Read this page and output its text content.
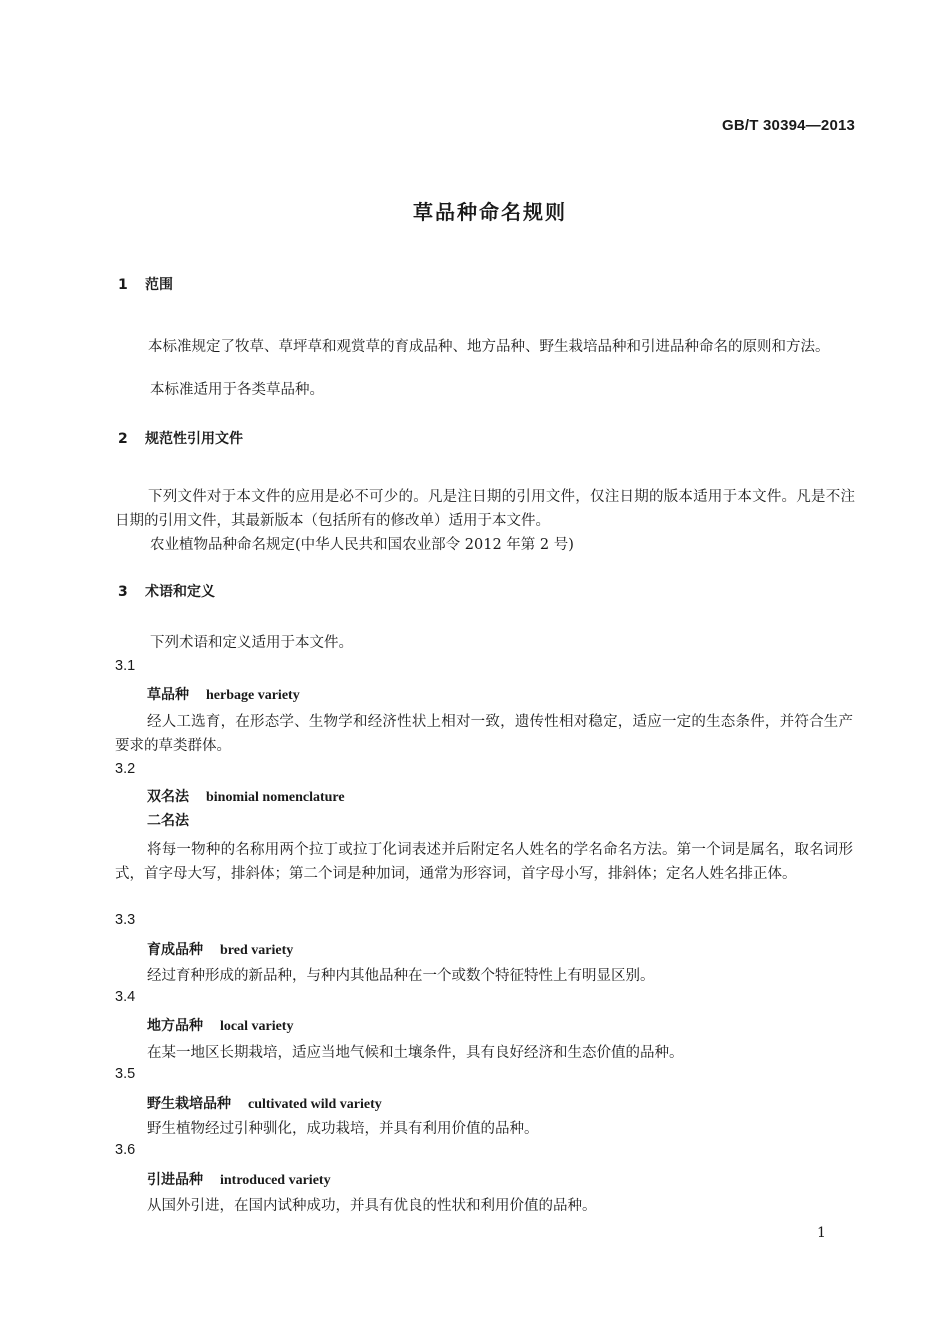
GB/T 30394—2013
草品种命名规则
1 范围
本标准规定了牧草、草坪草和观赏草的育成品种、地方品种、野生栽培品种和引进品种命名的原则和方法。
本标准适用于各类草品种。
2 规范性引用文件
下列文件对于本文件的应用是必不可少的。凡是注日期的引用文件，仅注日期的版本适用于本文件。凡是不注日期的引用文件，其最新版本（包括所有的修改单）适用于本文件。
农业植物品种命名规定(中华人民共和国农业部令 2012 年第 2 号)
3 术语和定义
下列术语和定义适用于本文件。
3.1
草品种 herbage variety
经人工选育，在形态学、生物学和经济性状上相对一致，遗传性相对稳定，适应一定的生态条件，并符合生产要求的草类群体。
3.2
双名法 binomial nomenclature
二名法
将每一物种的名称用两个拉丁或拉丁化词表述并后附定名人姓名的学名命名方法。第一个词是属名，取名词形式，首字母大写，排斜体；第二个词是种加词，通常为形容词，首字母小写，排斜体；定名人姓名排正体。
3.3
育成品种 bred variety
经过育种形成的新品种，与种内其他品种在一个或数个特征特性上有明显区别。
3.4
地方品种 local variety
在某一地区长期栽培，适应当地气候和土壤条件，具有良好经济和生态价值的品种。
3.5
野生栽培品种 cultivated wild variety
野生植物经过引种驯化，成功栽培，并具有利用价值的品种。
3.6
引进品种 introduced variety
从国外引进，在国内试种成功，并具有优良的性状和利用价值的品种。
1
